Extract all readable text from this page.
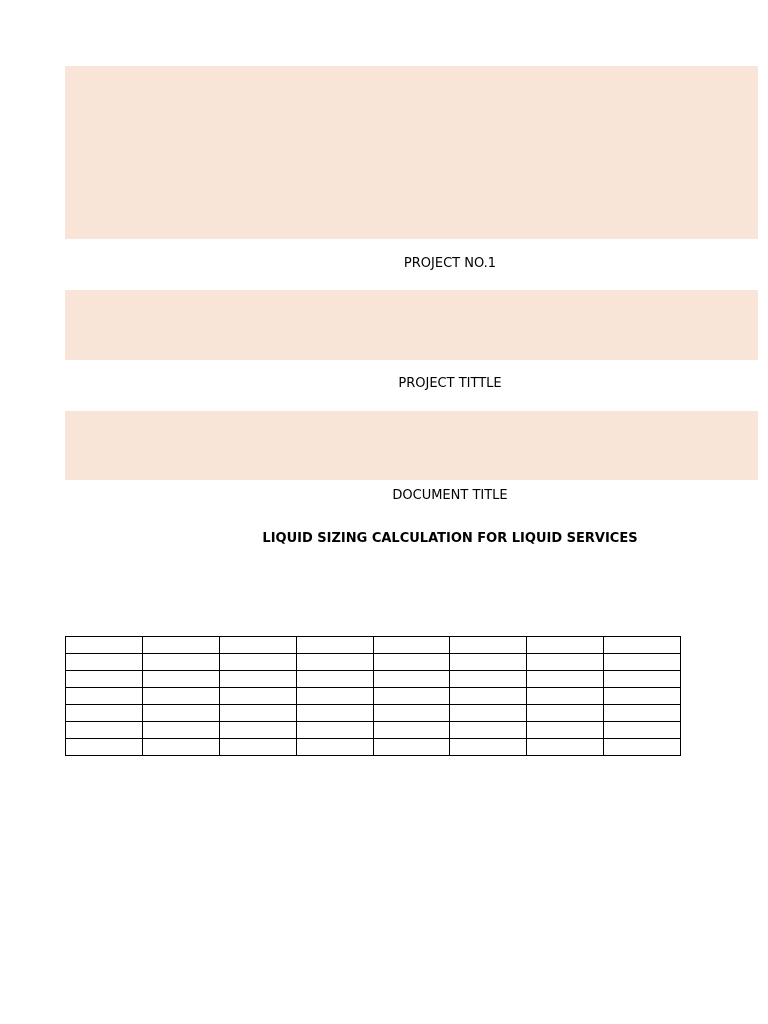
PROJECT NO.1
PROJECT TITTLE
DOCUMENT TITLE
LIQUID SIZING CALCULATION FOR LIQUID SERVICES
